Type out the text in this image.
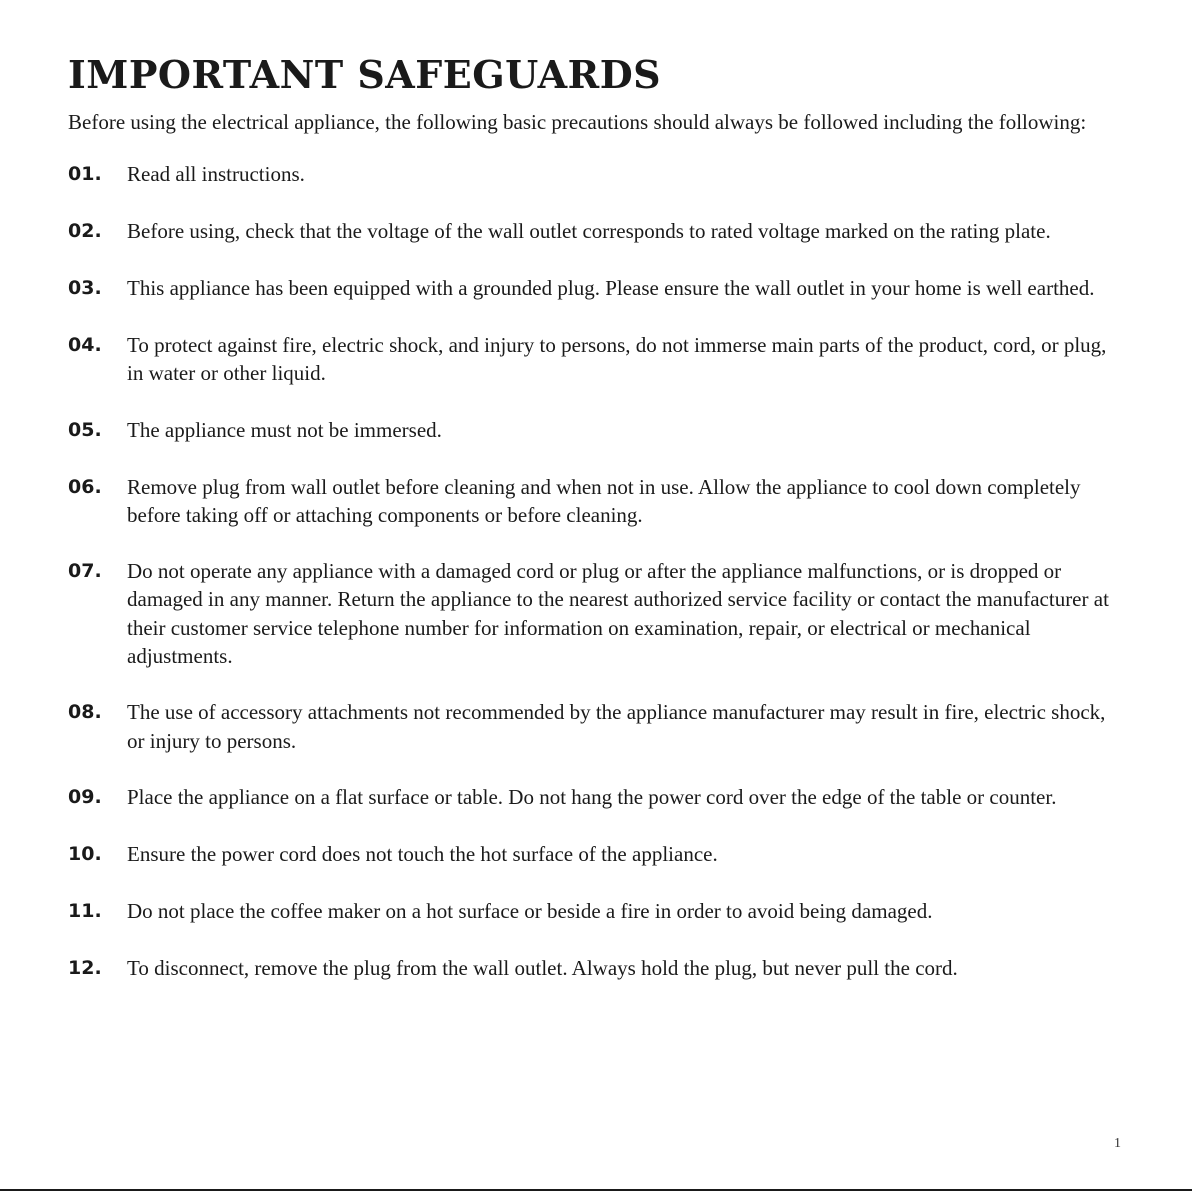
IMPORTANT SAFEGUARDS

Before using the electrical appliance, the following basic precautions should always be followed including the following:

01.	Read all instructions.
02.	Before using, check that the voltage of the wall outlet corresponds to rated voltage marked on the rating plate.
03.	This appliance has been equipped with a grounded plug. Please ensure the wall outlet in your home is well earthed.
04.	To protect against fire, electric shock, and injury to persons, do not immerse main parts of the product, cord, or plug, in water or other liquid.
05.	The appliance must not be immersed.
06.	Remove plug from wall outlet before cleaning and when not in use. Allow the appliance to cool down completely before taking off or attaching components or before cleaning.
07.	Do not operate any appliance with a damaged cord or plug or after the appliance malfunctions, or is dropped or damaged in any manner. Return the appliance to the nearest authorized service facility or contact the manufacturer at their customer service telephone number for information on examination, repair, or electrical or mechanical adjustments.
08.	The use of accessory attachments not recommended by the appliance manufacturer may result in fire, electric shock, or injury to persons.
09.	Place the appliance on a flat surface or table. Do not hang the power cord over the edge of the table or counter.
10.	Ensure the power cord does not touch the hot surface of the appliance.
11.	Do not place the coffee maker on a hot surface or beside a fire in order to avoid being damaged.
12.	To disconnect, remove the plug from the wall outlet. Always hold the plug, but never pull the cord.
1
